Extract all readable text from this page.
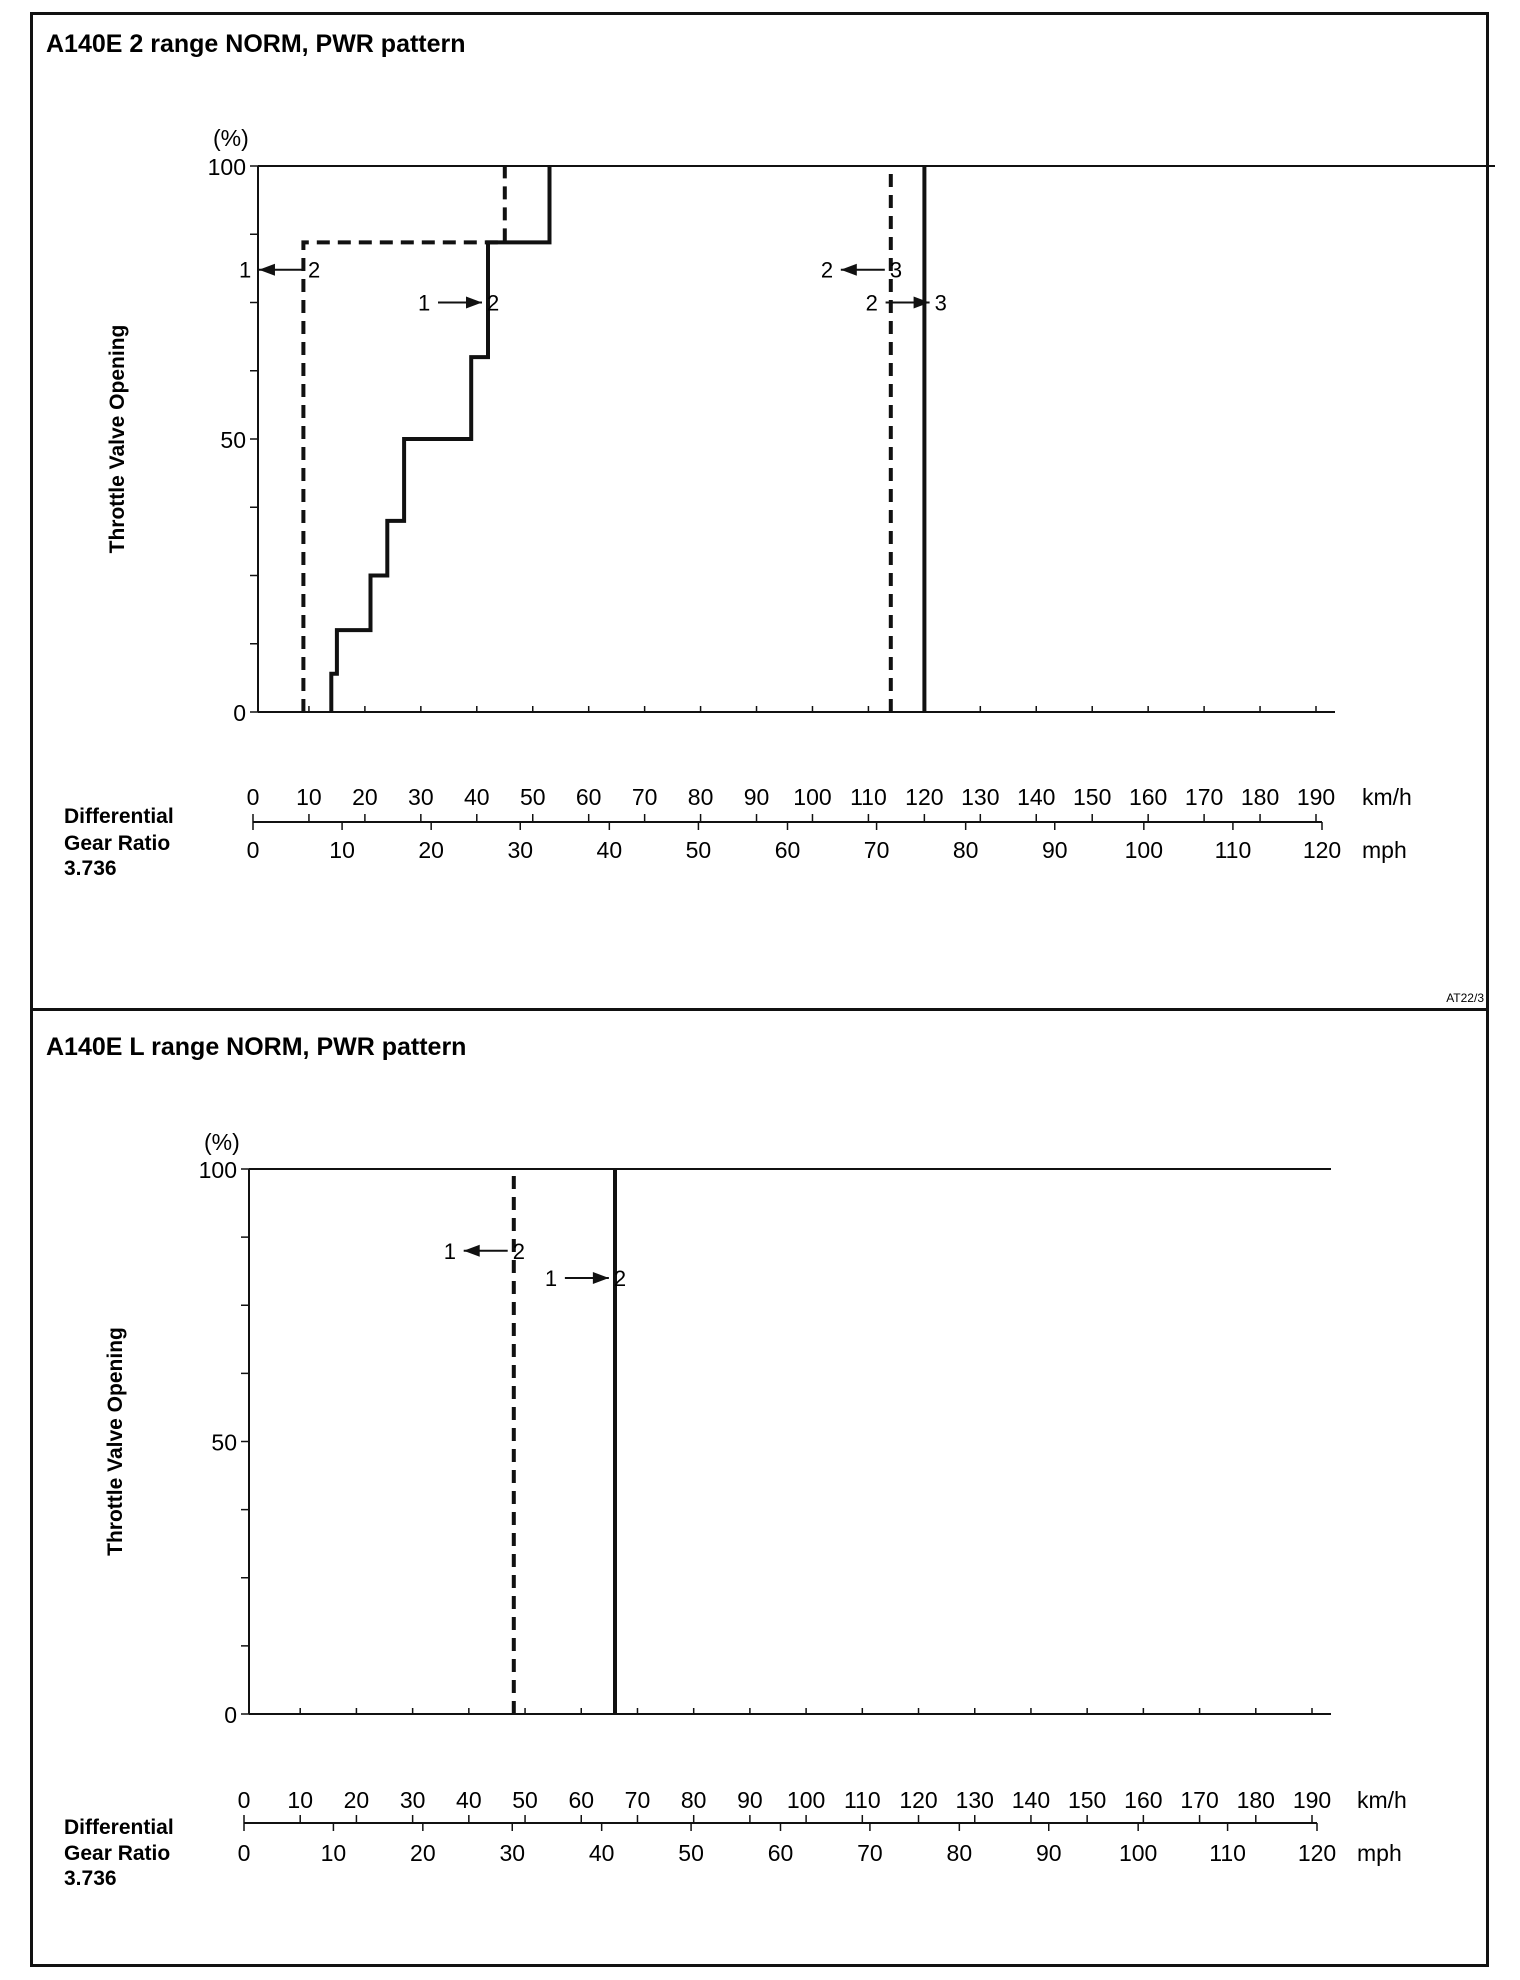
A140E 2 range NORM, PWR pattern
0
50
100
(%)
Throttle Valve Opening
1	2
1	2
2	3
2	3
0 10 20 30 40 50 60 70 80 90 100 110 120 130 140 150 160 170 180 190
0	10	20	30	40	50	60	70	80	90 100 110 120
km/h
mph
Differential
Gear Ratio
3.736
AT22/3
A140E L range NORM, PWR pattern
0
50
100
(%)
Throttle Valve Opening
1	2
1	2
0 10 20 30 40 50 60 70 80 90 100 110 120 130 140 150 160 170 180 190
0	10	20	30	40	50	60	70	80	90 100 110 120
km/h
mph
Differential
Gear Ratio
3.736
